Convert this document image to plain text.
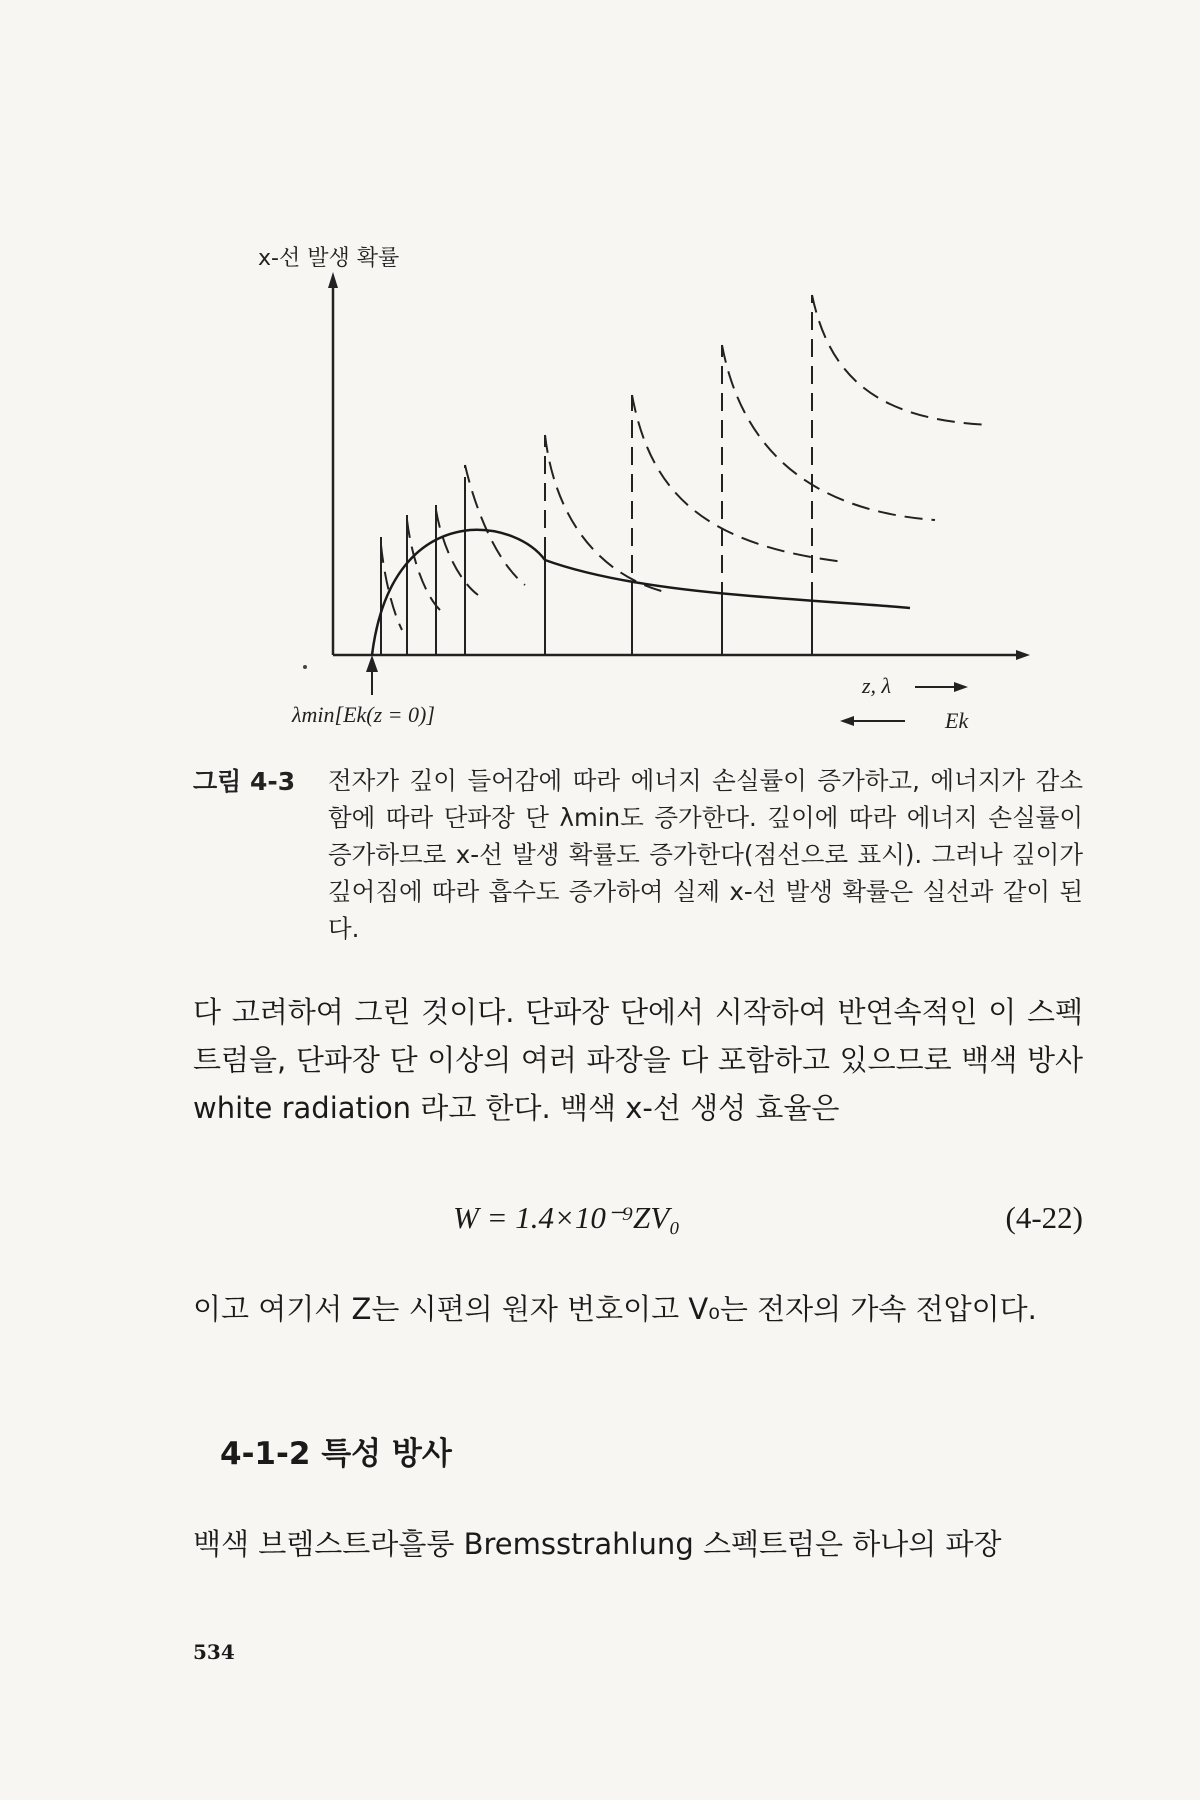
x-선 발생 확률
λmin[Ek(z = 0)]
z, λ
Ek
그림 4-3 전자가 깊이 들어감에 따라 에너지 손실률이 증가하고, 에너지가 감소함에 따라 단파장 단 λmin도 증가한다. 깊이에 따라 에너지 손실률이 증가하므로 x-선 발생 확률도 증가한다(점선으로 표시). 그러나 깊이가 깊어짐에 따라 흡수도 증가하여 실제 x-선 발생 확률은 실선과 같이 된다.

다 고려하여 그린 것이다. 단파장 단에서 시작하여 반연속적인 이 스펙트럼을, 단파장 단 이상의 여러 파장을 다 포함하고 있으므로 백색 방사 white radiation 라고 한다. 백색 x-선 생성 효율은

W = 1.4×10⁻⁹ZV₀	(4-22)

이고 여기서 Z는 시편의 원자 번호이고 V₀는 전자의 가속 전압이다.

4-1-2 특성 방사

백색 브렘스트라흘룽 Bremsstrahlung 스펙트럼은 하나의 파장

534
